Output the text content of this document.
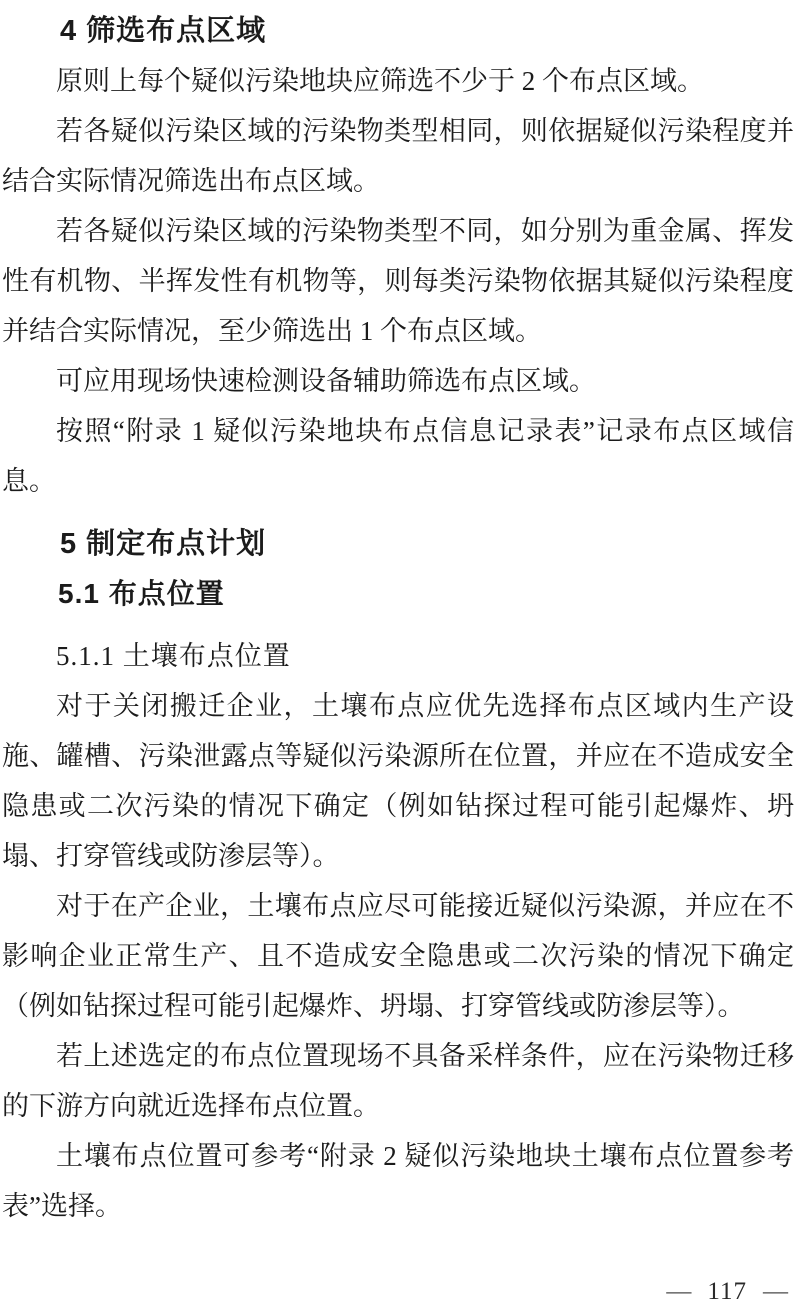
4 筛选布点区域

原则上每个疑似污染地块应筛选不少于 2 个布点区域。

若各疑似污染区域的污染物类型相同，则依据疑似污染程度并结合实际情况筛选出布点区域。

若各疑似污染区域的污染物类型不同，如分别为重金属、挥发性有机物、半挥发性有机物等，则每类污染物依据其疑似污染程度并结合实际情况，至少筛选出 1 个布点区域。

可应用现场快速检测设备辅助筛选布点区域。

按照“附录 1 疑似污染地块布点信息记录表”记录布点区域信息。

5 制定布点计划
5.1 布点位置
5.1.1 土壤布点位置

对于关闭搬迁企业，土壤布点应优先选择布点区域内生产设施、罐槽、污染泄露点等疑似污染源所在位置，并应在不造成安全隐患或二次污染的情况下确定（例如钻探过程可能引起爆炸、坍塌、打穿管线或防渗层等）。

对于在产企业，土壤布点应尽可能接近疑似污染源，并应在不影响企业正常生产、且不造成安全隐患或二次污染的情况下确定（例如钻探过程可能引起爆炸、坍塌、打穿管线或防渗层等）。

若上述选定的布点位置现场不具备采样条件，应在污染物迁移的下游方向就近选择布点位置。

土壤布点位置可参考“附录 2 疑似污染地块土壤布点位置参考表”选择。

— 117 —
